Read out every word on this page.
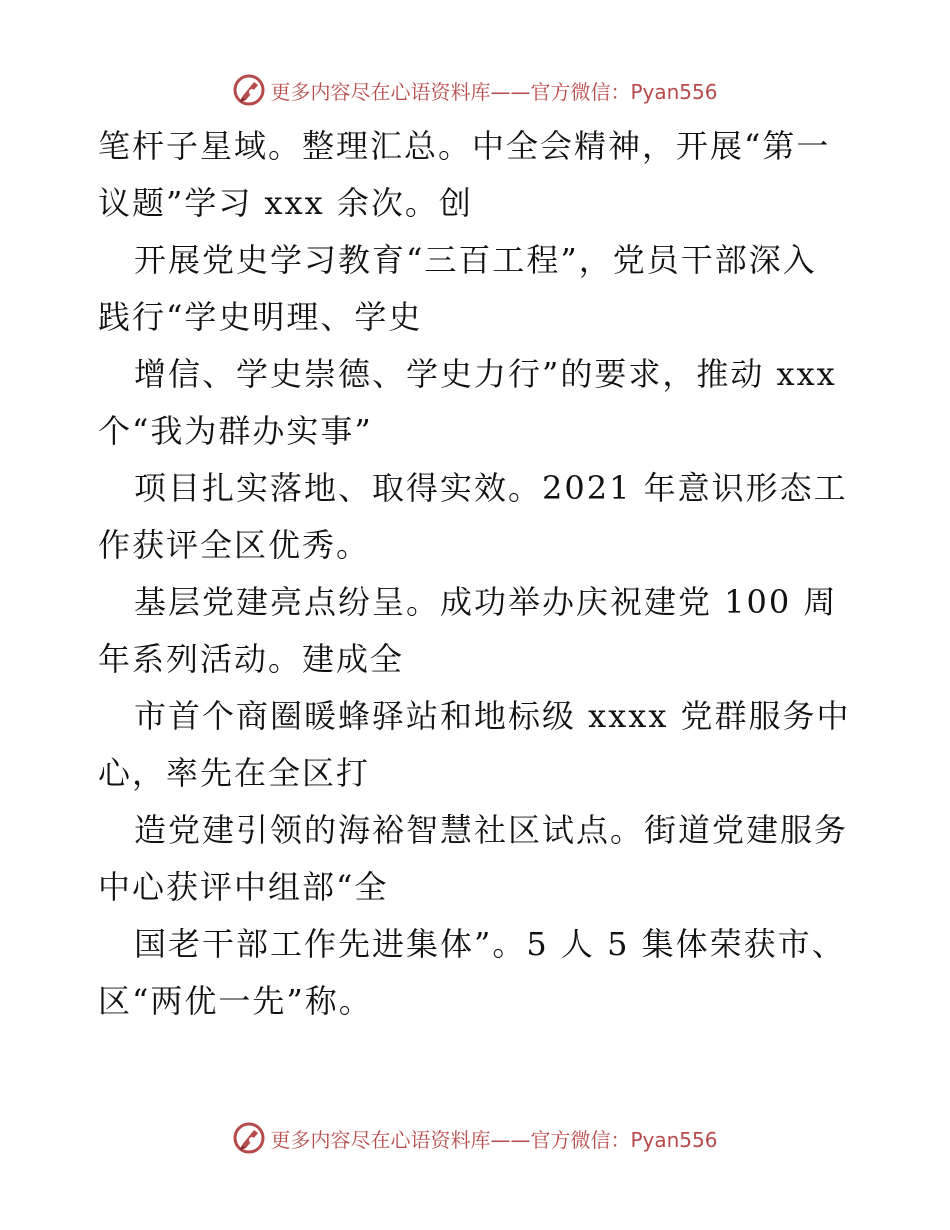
更多内容尽在心语资料库——官方微信：Pyan556
笔杆子星域。整理汇总。中全会精神，开展“第一
议题”学习 xxx 余次。创
开展党史学习教育“三百工程”，党员干部深入
践行“学史明理、学史
增信、学史崇德、学史力行”的要求，推动 xxx
个“我为群办实事”
项目扎实落地、取得实效。2021 年意识形态工
作获评全区优秀。
基层党建亮点纷呈。成功举办庆祝建党 100 周
年系列活动。建成全
市首个商圈暖蜂驿站和地标级 xxxx 党群服务中
心，率先在全区打
造党建引领的海裕智慧社区试点。街道党建服务
中心获评中组部“全
国老干部工作先进集体”。5 人 5 集体荣获市、
区“两优一先”称。
更多内容尽在心语资料库——官方微信：Pyan556
